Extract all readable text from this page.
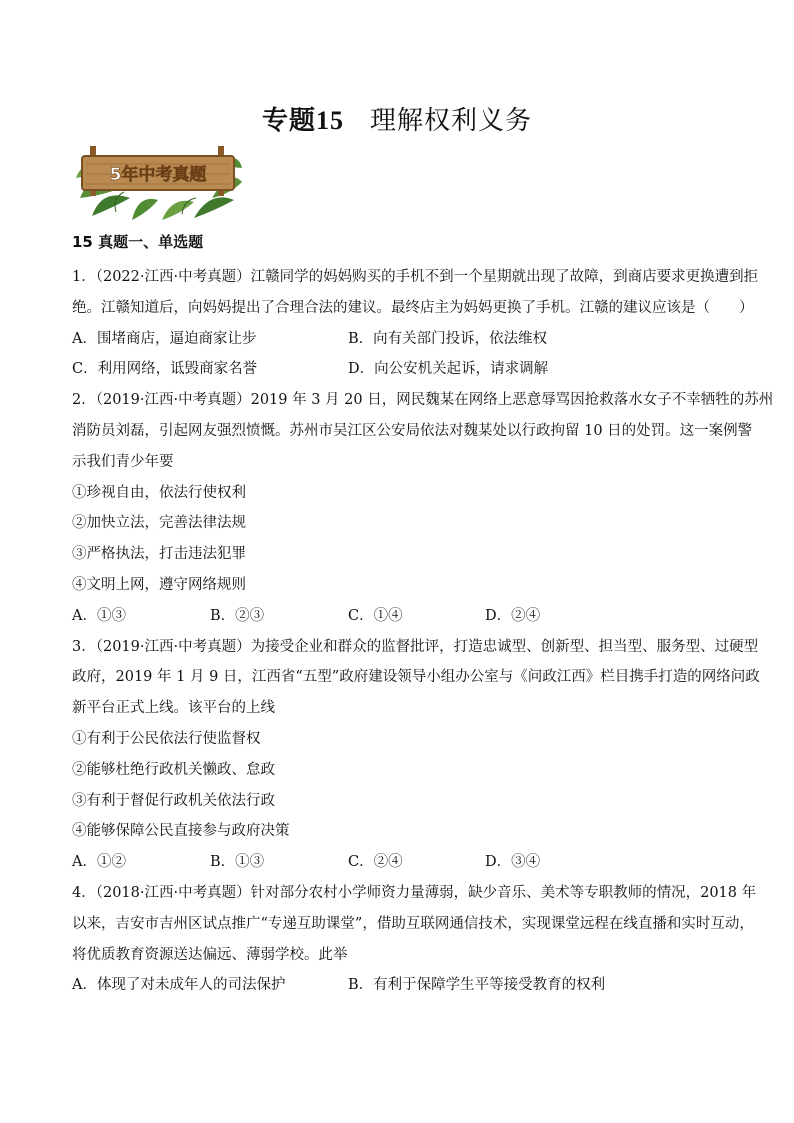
专题15 理解权利义务
5年中考真题
15 真题一、单选题
1．（2022·江西·中考真题）江赣同学的妈妈购买的手机不到一个星期就出现了故障，到商店要求更换遭到拒
绝。江赣知道后，向妈妈提出了合理合法的建议。最终店主为妈妈更换了手机。江赣的建议应该是（　　）
A．围堵商店，逼迫商家让步	B．向有关部门投诉，依法维权
C．利用网络，诋毁商家名誉	D．向公安机关起诉，请求调解
2．（2019·江西·中考真题）2019 年 3 月 20 日，网民魏某在网络上恶意辱骂因抢救落水女子不幸牺牲的苏州
消防员刘磊，引起网友强烈愤慨。苏州市吴江区公安局依法对魏某处以行政拘留 10 日的处罚。这一案例警
示我们青少年要
①珍视自由，依法行使权利
②加快立法，完善法律法规
③严格执法，打击违法犯罪
④文明上网，遵守网络规则
A．①③	B．②③	C．①④	D．②④
3．（2019·江西·中考真题）为接受企业和群众的监督批评，打造忠诚型、创新型、担当型、服务型、过硬型
政府，2019 年 1 月 9 日，江西省“五型”政府建设领导小组办公室与《问政江西》栏目携手打造的网络问政
新平台正式上线。该平台的上线
①有利于公民依法行使监督权
②能够杜绝行政机关懒政、怠政
③有利于督促行政机关依法行政
④能够保障公民直接参与政府决策
A．①②	B．①③	C．②④	D．③④
4．（2018·江西·中考真题）针对部分农村小学师资力量薄弱，缺少音乐、美术等专职教师的情况，2018 年
以来，吉安市吉州区试点推广“专递互助课堂”，借助互联网通信技术，实现课堂远程在线直播和实时互动，
将优质教育资源送达偏远、薄弱学校。此举
A．体现了对未成年人的司法保护	B．有利于保障学生平等接受教育的权利
